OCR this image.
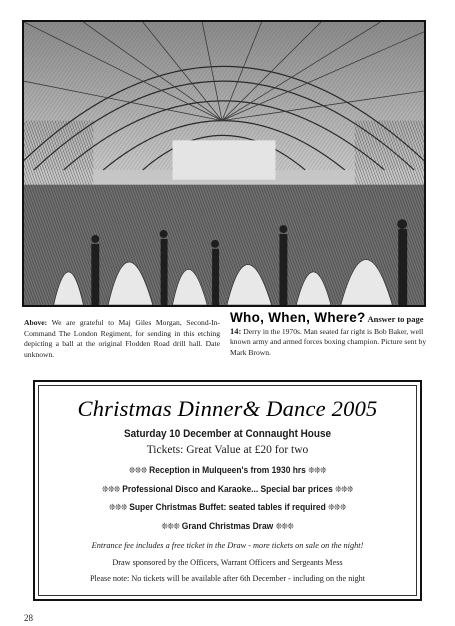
Above: We are grateful to Maj Giles Morgan, Second-In-Command The London Regiment, for sending in this etching depicting a ball at the original Flodden Road drill hall. Date unknown.
Who, When, Where? Answer to page 14: Derry in the 1970s. Man seated far right is Bob Baker, well known army and armed forces boxing champion. Picture sent by Mark Brown.
Christmas Dinner& Dance 2005
Saturday 10 December at Connaught House
Tickets: Great Value at £20 for two
❊❊❊ Reception in Mulqueen's from 1930 hrs ❊❊❊
❊❊❊ Professional Disco and Karaoke... Special bar prices ❊❊❊
❊❊❊ Super Christmas Buffet: seated tables if required ❊❊❊
❊❊❊ Grand Christmas Draw ❊❊❊
Entrance fee includes a free ticket in the Draw - more tickets on sale on the night!
Draw sponsored by the Officers, Warrant Officers and Sergeants Mess
Please note: No tickets will be available after 6th December - including on the night
28
